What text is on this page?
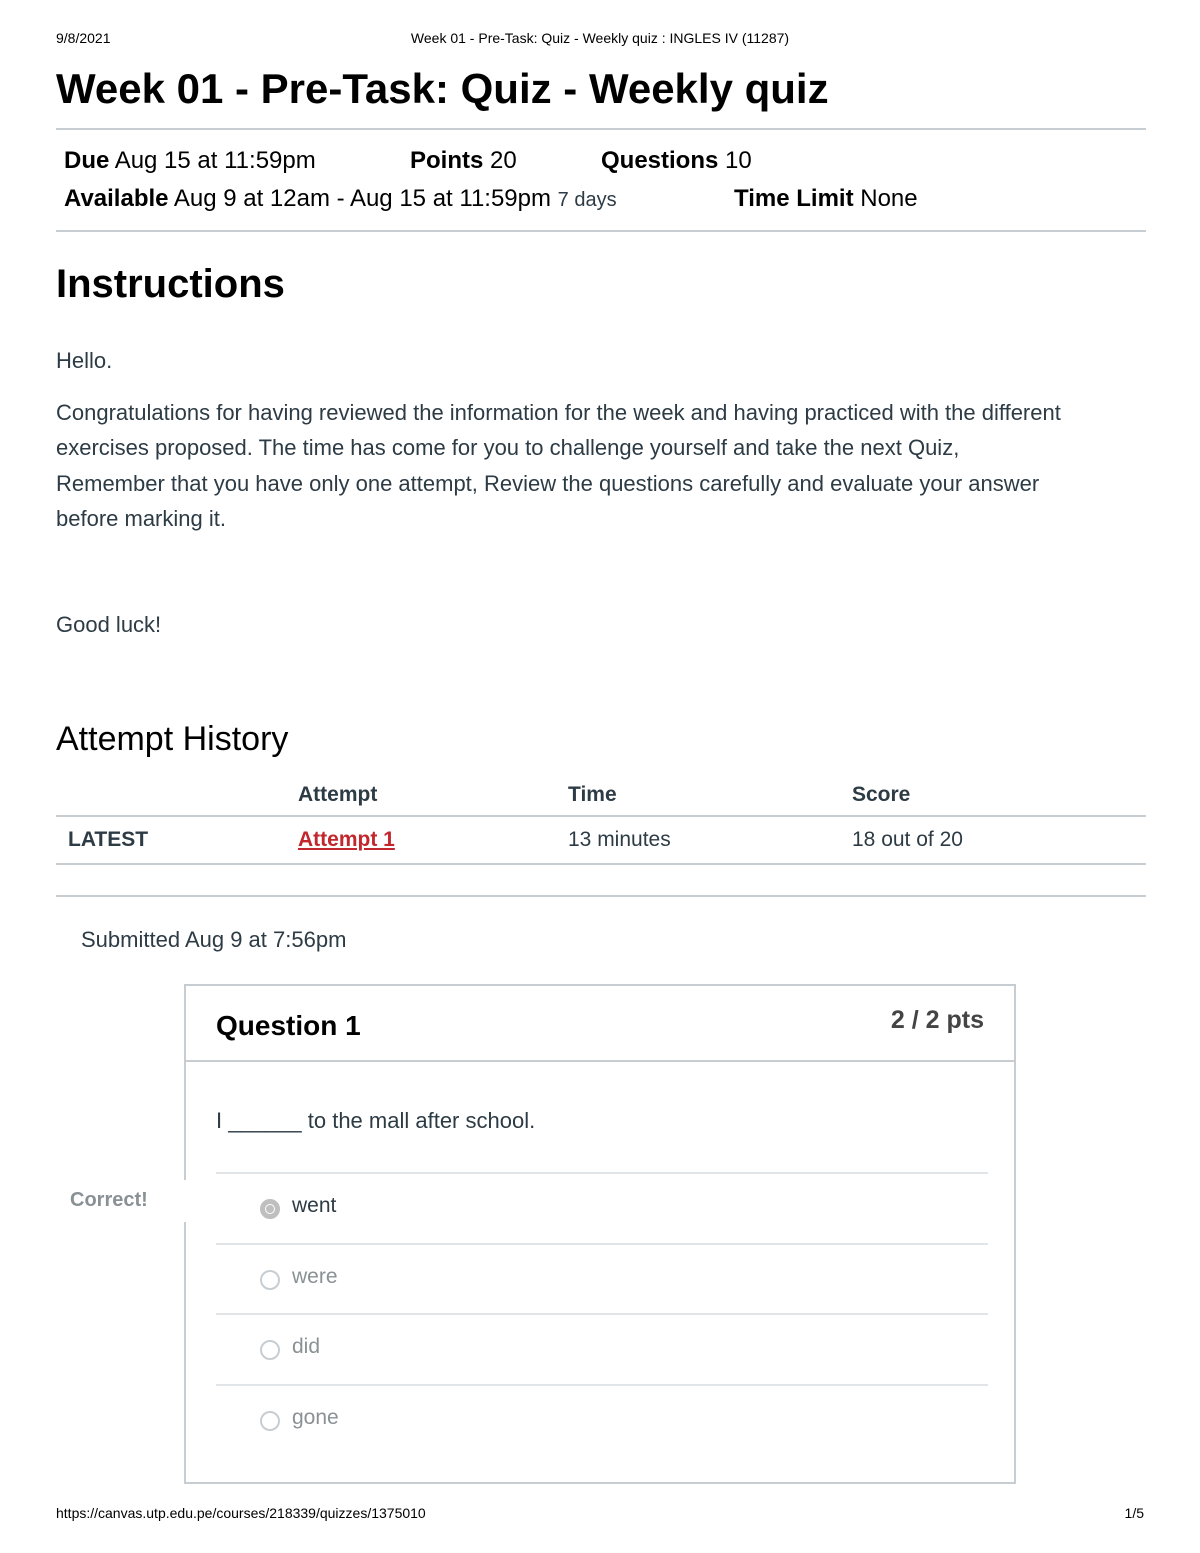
9/8/2021	Week 01 - Pre-Task: Quiz - Weekly quiz : INGLES IV (11287)
Week 01 - Pre-Task: Quiz - Weekly quiz
Due Aug 15 at 11:59pm	Points 20	Questions 10
Available Aug 9 at 12am - Aug 15 at 11:59pm 7 days	Time Limit None
Instructions

Hello.

Congratulations for having reviewed the information for the week and having practiced with the different

exercises proposed. The time has come for you to challenge yourself and take the next Quiz,

Remember that you have only one attempt, Review the questions carefully and evaluate your answer

before marking it.

Good luck!

Attempt History
	Attempt	Time	Score
LATEST	Attempt 1	13 minutes	18 out of 20
Submitted Aug 9 at 7:56pm
Question 1	2 / 2 pts
I ______ to the mall after school.
went
were
did
gone
Correct!
https://canvas.utp.edu.pe/courses/218339/quizzes/1375010	1/5
